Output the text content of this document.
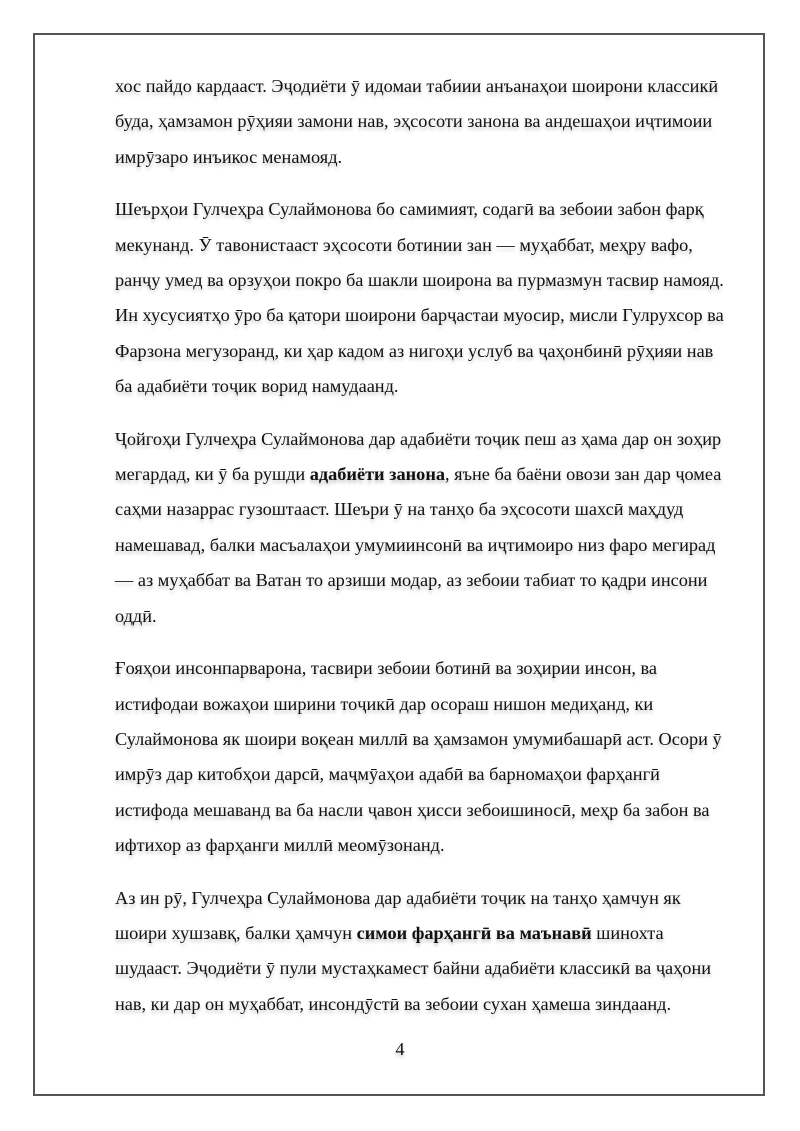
хос пайдо кардааст. Эҷодиёти ӯ идомаи табиии анъанаҳои шоирони классикӣ буда, ҳамзамон рӯҳияи замони нав, эҳсосоти занона ва андешаҳои иҷтимоии имрӯзаро инъикос менамояд.

Шеърҳои Гулчеҳра Сулаймонова бо самимият, содагӣ ва зебоии забон фарқ мекунанд. Ӯ тавонистааст эҳсосоти ботинии зан — муҳаббат, меҳру вафо, ранҷу умед ва орзуҳои покро ба шакли шоирона ва пурмазмун тасвир намояд. Ин хусусиятҳо ӯро ба қатори шоирони барҷастаи муосир, мисли Гулрухсор ва Фарзона мегузоранд, ки ҳар кадом аз нигоҳи услуб ва ҷаҳонбинӣ рӯҳияи нав ба адабиёти тоҷик ворид намудаанд.

Ҷойгоҳи Гулчеҳра Сулаймонова дар адабиёти тоҷик пеш аз ҳама дар он зоҳир мегардад, ки ӯ ба рушди адабиёти занона, яъне ба баёни овози зан дар ҷомеа саҳми назаррас гузоштааст. Шеъри ӯ на танҳо ба эҳсосоти шахсӣ маҳдуд намешавад, балки масъалаҳои умумиинсонӣ ва иҷтимоиро низ фаро мегирад — аз муҳаббат ва Ватан то арзиши модар, аз зебоии табиат то қадри инсони оддӣ.

Ғояҳои инсонпарварона, тасвири зебоии ботинӣ ва зоҳирии инсон, ва истифодаи вожаҳои ширини тоҷикӣ дар осораш нишон медиҳанд, ки Сулаймонова як шоири воқеан миллӣ ва ҳамзамон умумибашарӣ аст. Осори ӯ имрӯз дар китобҳои дарсӣ, маҷмӯаҳои адабӣ ва барномаҳои фарҳангӣ истифода мешаванд ва ба насли ҷавон ҳисси зебоишиносӣ, меҳр ба забон ва ифтихор аз фарҳанги миллӣ меомӯзонанд.

Аз ин рӯ, Гулчеҳра Сулаймонова дар адабиёти тоҷик на танҳо ҳамчун як шоири хушзавқ, балки ҳамчун симои фарҳангӣ ва маънавӣ шинохта шудааст. Эҷодиёти ӯ пули мустаҳкамест байни адабиёти классикӣ ва ҷаҳони нав, ки дар он муҳаббат, инсондӯстӣ ва зебоии сухан ҳамеша зиндаанд.

4
